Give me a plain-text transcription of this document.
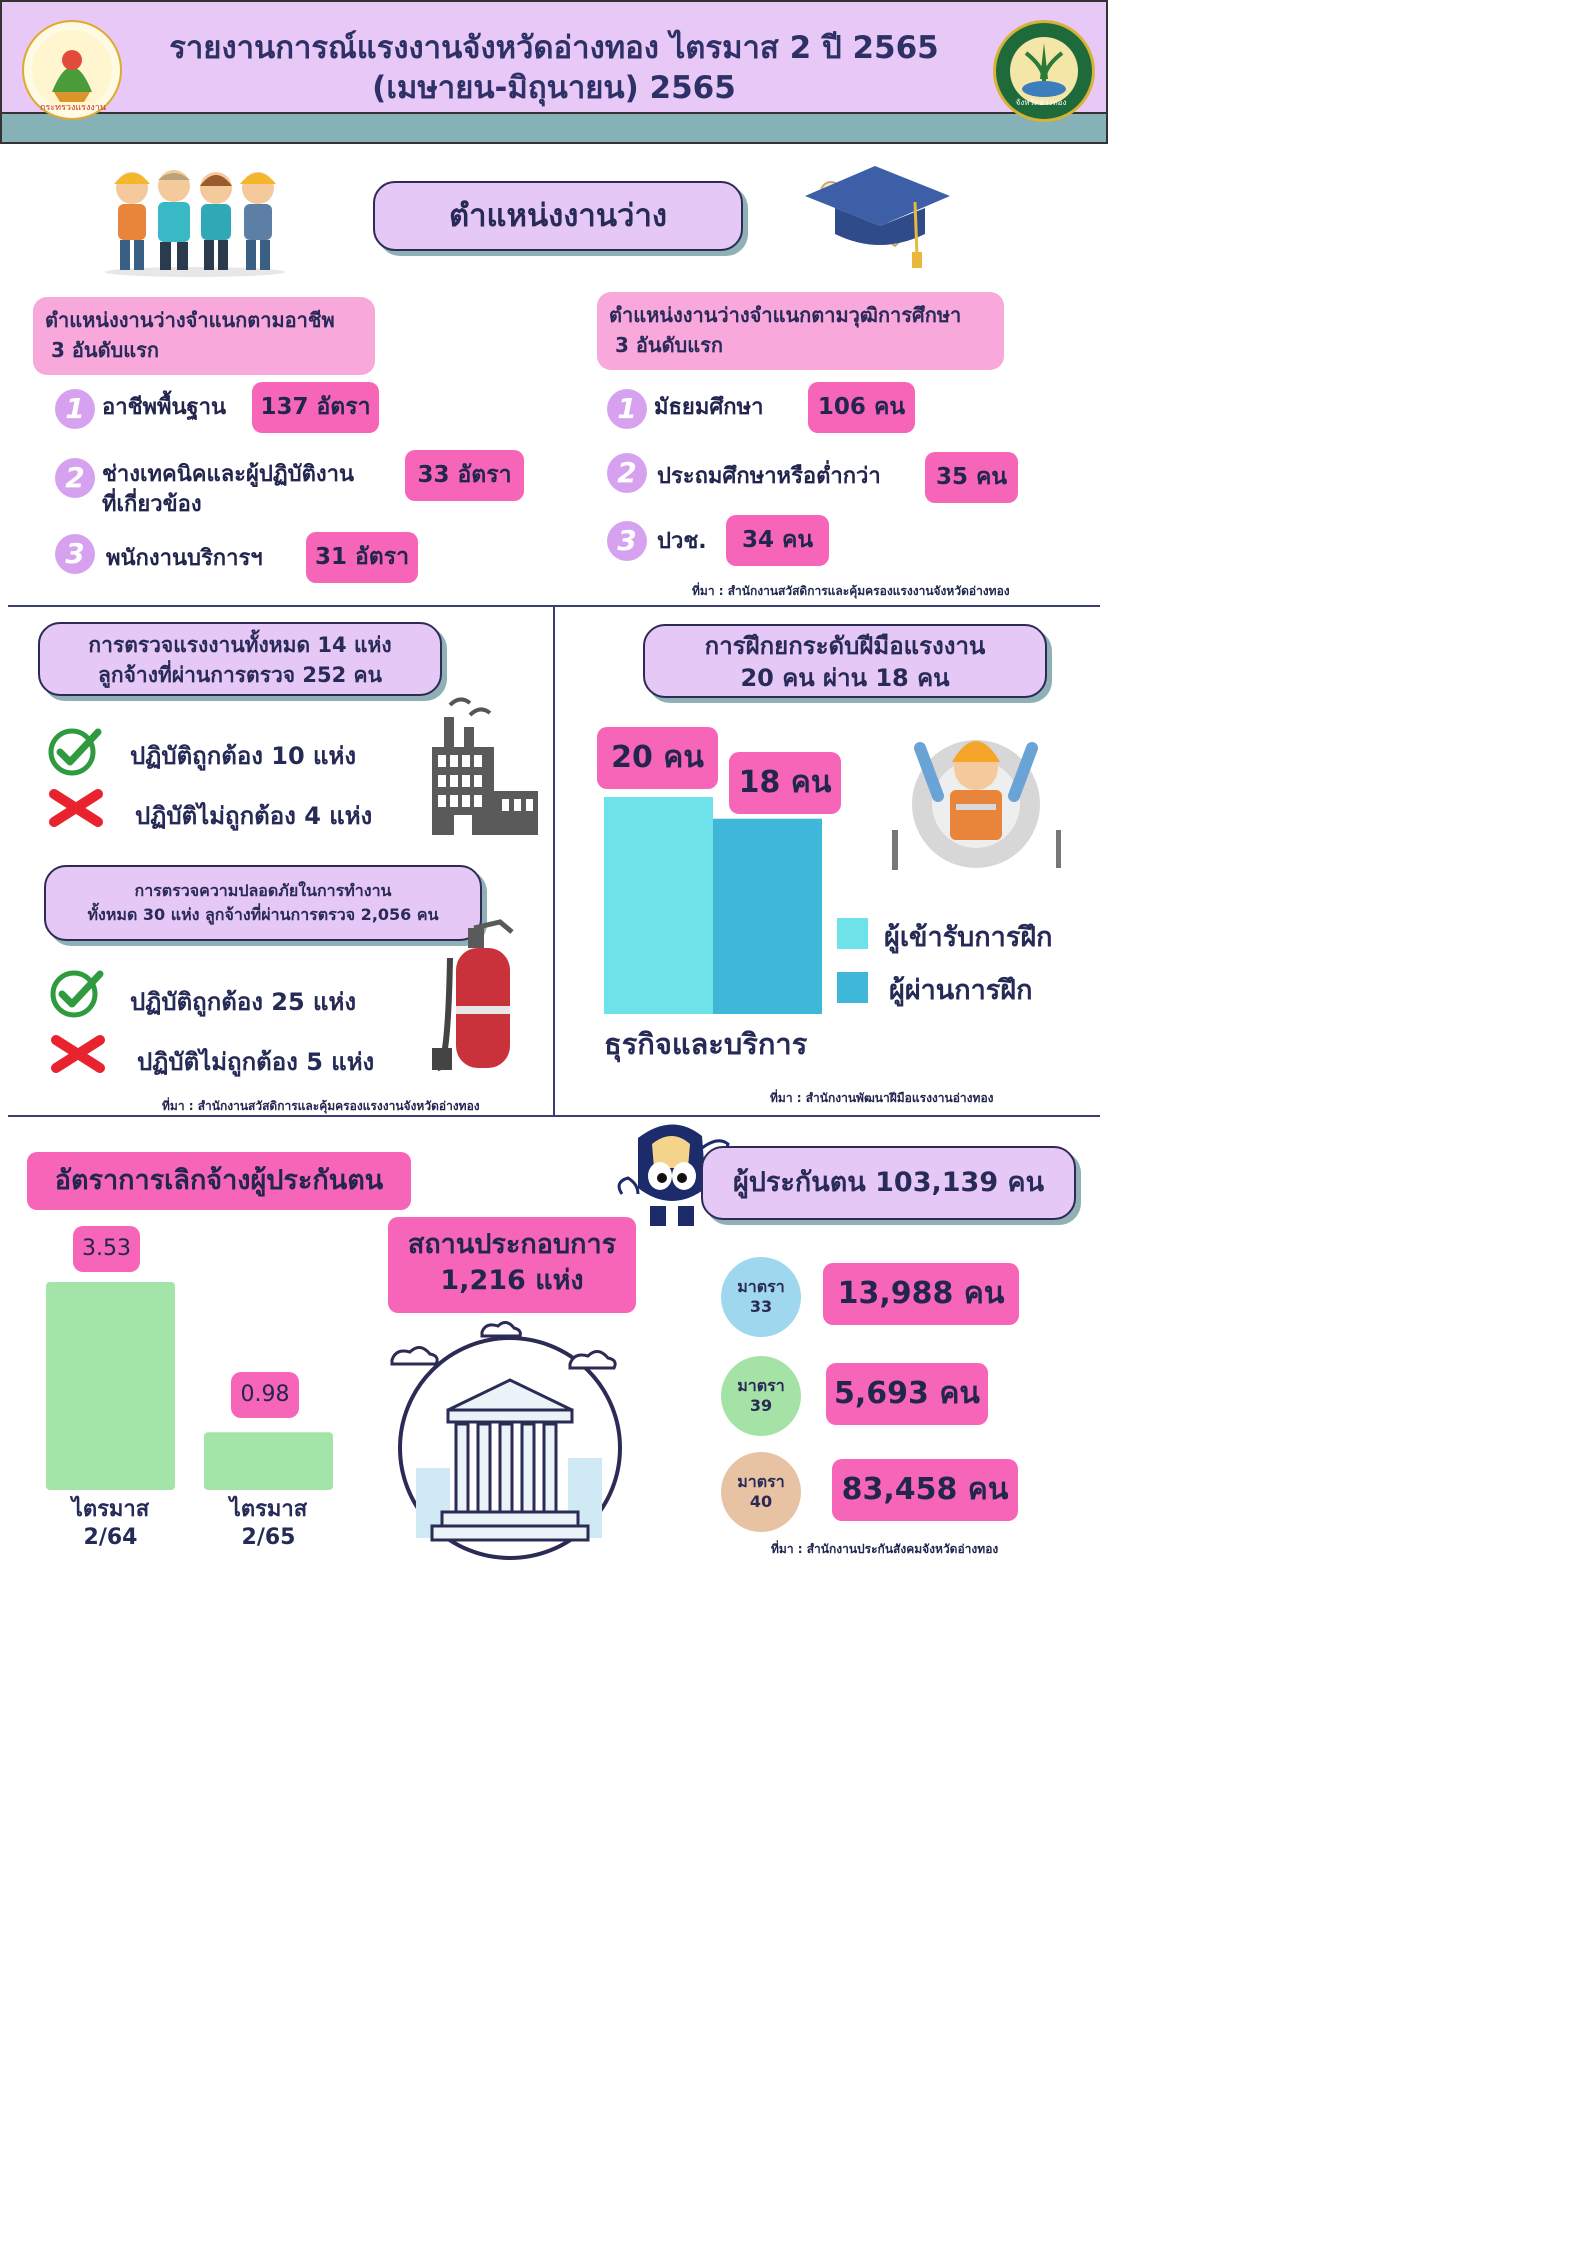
กระทรวงแรงงาน
จังหวัดอ่างทอง
รายงานการณ์แรงงานจังหวัดอ่างทอง ไตรมาส 2 ปี 2565
(เมษายน-มิถุนายน) 2565
ตำแหน่งงานว่าง
ตำแหน่งงานว่างจำแนกตามอาชีพ
3 อันดับแรก
1 อาชีพพื้นฐาน	137 อัตรา
2 ช่างเทคนิคและผู้ปฏิบัติงาน
ที่เกี่ยวข้อง
33 อัตรา
3 พนักงานบริการฯ	31 อัตรา
ตำแหน่งงานว่างจำแนกตามวุฒิการศึกษา
3 อันดับแรก
1 มัธยมศึกษา	106 คน
2 ประถมศึกษาหรือต่ำกว่า	35 คน
3 ปวช.	34 คน
ที่มา : สำนักงานสวัสดิการและคุ้มครองแรงงานจังหวัดอ่างทอง
การตรวจแรงงานทั้งหมด 14 แห่ง
ลูกจ้างที่ผ่านการตรวจ 252 คน
ปฏิบัติถูกต้อง 10 แห่ง
ปฏิบัติไม่ถูกต้อง 4 แห่ง
การตรวจความปลอดภัยในการทำงาน
ทั้งหมด 30 แห่ง ลูกจ้างที่ผ่านการตรวจ 2,056 คน
ปฏิบัติถูกต้อง 25 แห่ง
ปฏิบัติไม่ถูกต้อง 5 แห่ง
ที่มา : สำนักงานสวัสดิการและคุ้มครองแรงงานจังหวัดอ่างทอง
การฝึกยกระดับฝีมือแรงงาน
20 คน ผ่าน 18 คน
20 คน
18 คน
ธุรกิจและบริการ
ผู้เข้ารับการฝึก
ผู้ผ่านการฝึก
ที่มา : สำนักงานพัฒนาฝีมือแรงงานอ่างทอง
อัตราการเลิกจ้างผู้ประกันตน
3.53
0.98
ไตรมาส
2/64
ไตรมาส
2/65
สถานประกอบการ
1,216 แห่ง
ผู้ประกันตน 103,139 คน
มาตรา
33	13,988 คน
มาตรา
39	5,693 คน
มาตรา
40	83,458 คน
ที่มา : สำนักงานประกันสังคมจังหวัดอ่างทอง
